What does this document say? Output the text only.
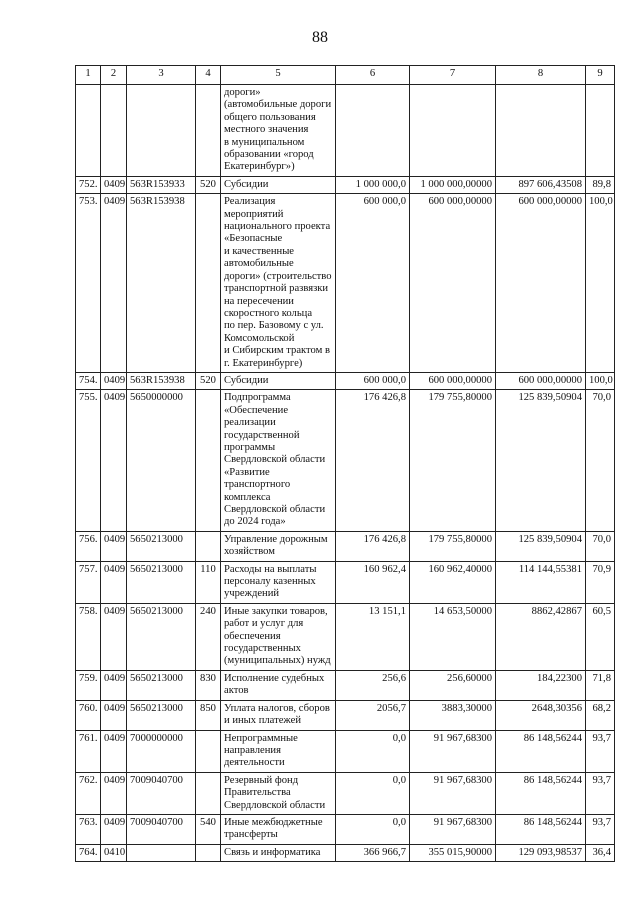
88
1	2	3	4	5	6	7	8	9
				дороги»
(автомобильные дороги общего пользования местного значения
в муниципальном образовании «город Екатеринбург»)				
752.	0409	563R153933	520	Субсидии	1 000 000,0	1 000 000,00000	897 606,43508	89,8
753.	0409	563R153938		Реализация мероприятий национального проекта «Безопасные
и качественные автомобильные дороги» (строительство транспортной развязки на пересечении скоростного кольца
по пер. Базовому с ул. Комсомольской
и Сибирским трактом в г. Екатеринбурге)	600 000,0	600 000,00000	600 000,00000	100,0
754.	0409	563R153938	520	Субсидии	600 000,0	600 000,00000	600 000,00000	100,0
755.	0409	5650000000		Подпрограмма «Обеспечение реализации государственной программы Свердловской области «Развитие транспортного комплекса Свердловской области до 2024 года»	176 426,8	179 755,80000	125 839,50904	70,0
756.	0409	5650213000		Управление дорожным хозяйством	176 426,8	179 755,80000	125 839,50904	70,0
757.	0409	5650213000	110	Расходы на выплаты персоналу казенных учреждений	160 962,4	160 962,40000	114 144,55381	70,9
758.	0409	5650213000	240	Иные закупки товаров, работ и услуг для обеспечения государственных (муниципальных) нужд	13 151,1	14 653,50000	8862,42867	60,5
759.	0409	5650213000	830	Исполнение судебных актов	256,6	256,60000	184,22300	71,8
760.	0409	5650213000	850	Уплата налогов, сборов и иных платежей	2056,7	3883,30000	2648,30356	68,2
761.	0409	7000000000		Непрограммные направления деятельности	0,0	91 967,68300	86 148,56244	93,7
762.	0409	7009040700		Резервный фонд Правительства Свердловской области	0,0	91 967,68300	86 148,56244	93,7
763.	0409	7009040700	540	Иные межбюджетные трансферты	0,0	91 967,68300	86 148,56244	93,7
764.	0410			Связь и информатика	366 966,7	355 015,90000	129 093,98537	36,4
